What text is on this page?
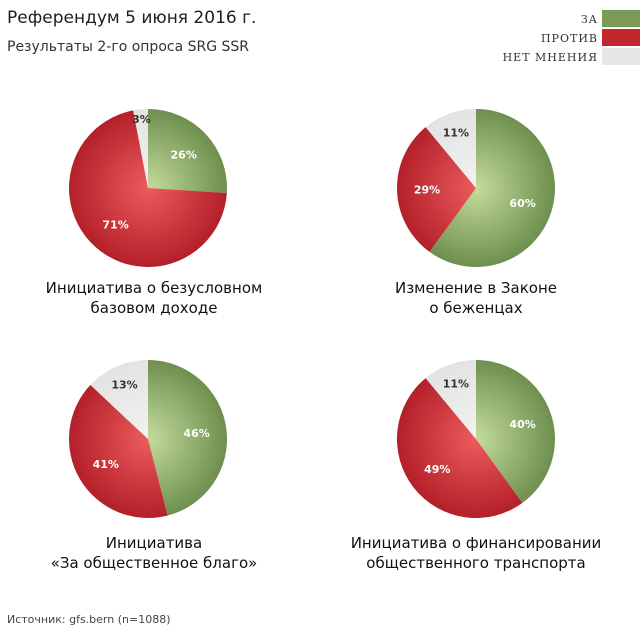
Референдум 5 июня 2016 г.
Результаты 2-го опроса SRG SSR
ЗА
ПРОТИВ
НЕТ МНЕНИЯ
Инициатива о безусловном
базовом доходе
Изменение в Законе
о беженцах
Инициатива
«За общественное благо»
Инициатива о финансировании
общественного транспорта
26%
71%
3%
60%
29%
11%
46%
41%
13%
40%
49%
11%
Источник: gfs.bern (n=1088)
